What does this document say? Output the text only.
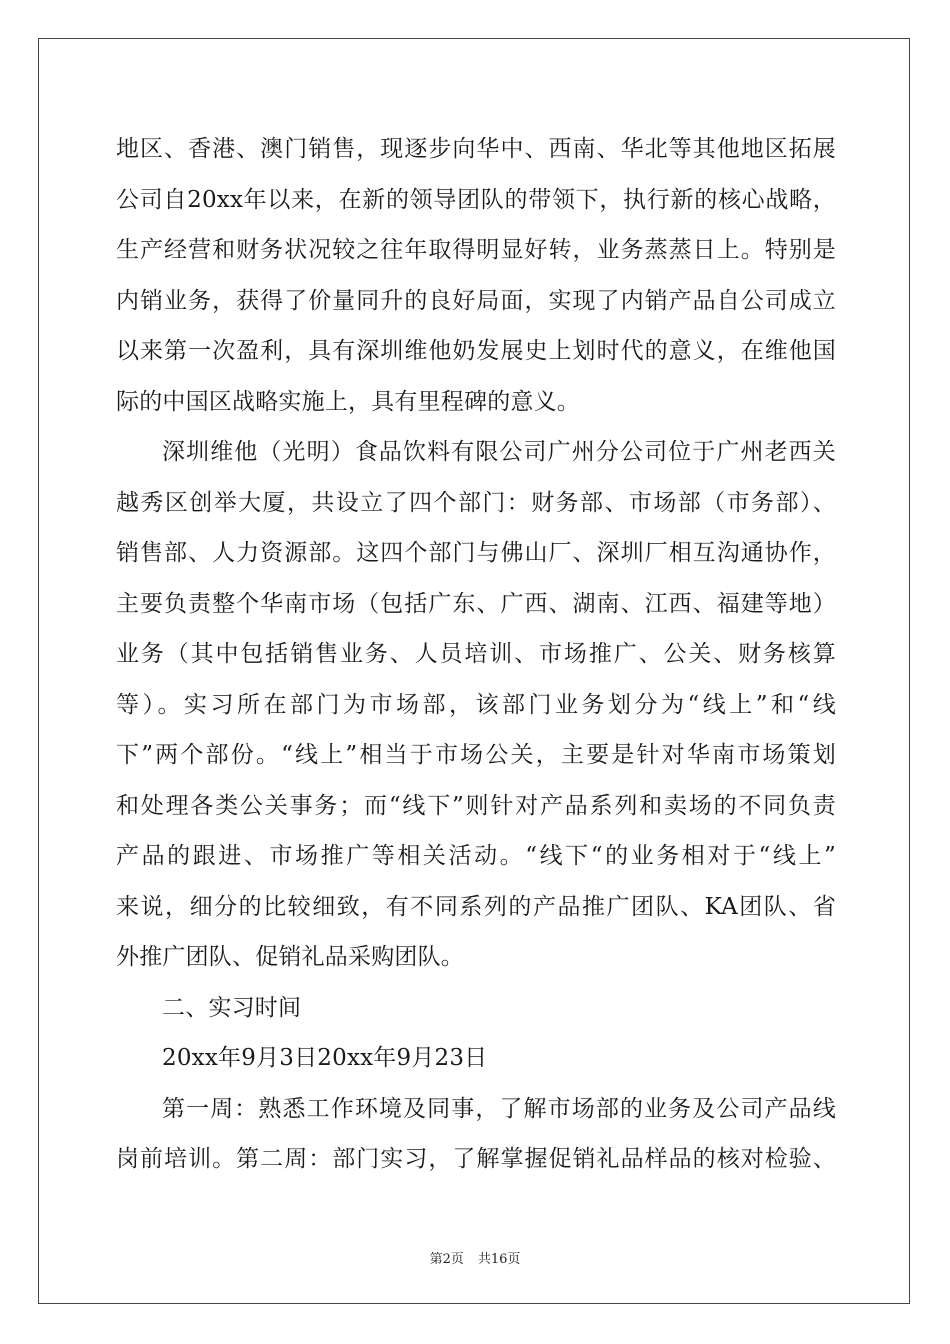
地区、香港、澳门销售，现逐步向华中、西南、华北等其他地区拓展
公司自20xx年以来，在新的领导团队的带领下，执行新的核心战略，
生产经营和财务状况较之往年取得明显好转，业务蒸蒸日上。特别是
内销业务，获得了价量同升的良好局面，实现了内销产品自公司成立
以来第一次盈利，具有深圳维他奶发展史上划时代的意义，在维他国
际的中国区战略实施上，具有里程碑的意义。
深圳维他（光明）食品饮料有限公司广州分公司位于广州老西关
越秀区创举大厦，共设立了四个部门：财务部、市场部（市务部）、
销售部、人力资源部。这四个部门与佛山厂、深圳厂相互沟通协作，
主要负责整个华南市场（包括广东、广西、湖南、江西、福建等地）
业务（其中包括销售业务、人员培训、市场推广、公关、财务核算
等）。实习所在部门为市场部，该部门业务划分为“线上”和“线
下”两个部份。“线上”相当于市场公关，主要是针对华南市场策划
和处理各类公关事务；而“线下”则针对产品系列和卖场的不同负责
产品的跟进、市场推广等相关活动。“线下“的业务相对于“线上”
来说，细分的比较细致，有不同系列的产品推广团队、KA团队、省
外推广团队、促销礼品采购团队。
二、实习时间
20xx年9月3日20xx年9月23日
第一周：熟悉工作环境及同事，了解市场部的业务及公司产品线
岗前培训。第二周：部门实习，了解掌握促销礼品样品的核对检验、
第2页 共16页
